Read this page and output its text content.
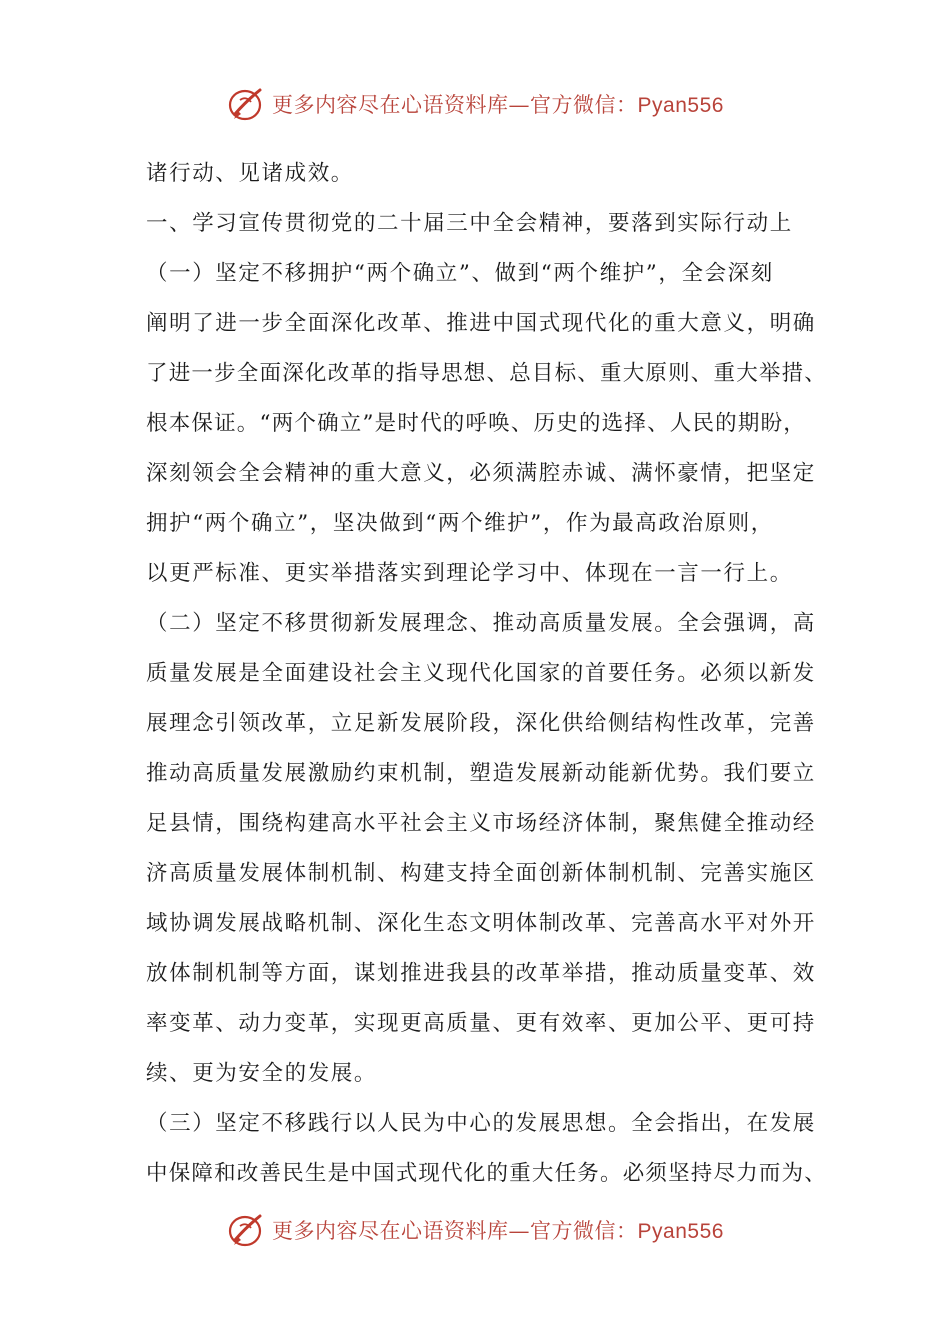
更多内容尽在心语资料库—官方微信：Pyan556
诸行动、见诸成效。
一、学习宣传贯彻党的二十届三中全会精神，要落到实际行动上
（一）坚定不移拥护“两个确立”、做到“两个维护”，全会深刻
阐明了进一步全面深化改革、推进中国式现代化的重大意义，明确
了进一步全面深化改革的指导思想、总目标、重大原则、重大举措、
根本保证。“两个确立”是时代的呼唤、历史的选择、人民的期盼，
深刻领会全会精神的重大意义，必须满腔赤诚、满怀豪情，把坚定
拥护“两个确立”，坚决做到“两个维护”，作为最高政治原则，
以更严标准、更实举措落实到理论学习中、体现在一言一行上。
（二）坚定不移贯彻新发展理念、推动高质量发展。全会强调，高
质量发展是全面建设社会主义现代化国家的首要任务。必须以新发
展理念引领改革，立足新发展阶段，深化供给侧结构性改革，完善
推动高质量发展激励约束机制，塑造发展新动能新优势。我们要立
足县情，围绕构建高水平社会主义市场经济体制，聚焦健全推动经
济高质量发展体制机制、构建支持全面创新体制机制、完善实施区
域协调发展战略机制、深化生态文明体制改革、完善高水平对外开
放体制机制等方面，谋划推进我县的改革举措，推动质量变革、效
率变革、动力变革，实现更高质量、更有效率、更加公平、更可持
续、更为安全的发展。
（三）坚定不移践行以人民为中心的发展思想。全会指出，在发展
中保障和改善民生是中国式现代化的重大任务。必须坚持尽力而为、
更多内容尽在心语资料库—官方微信：Pyan556
